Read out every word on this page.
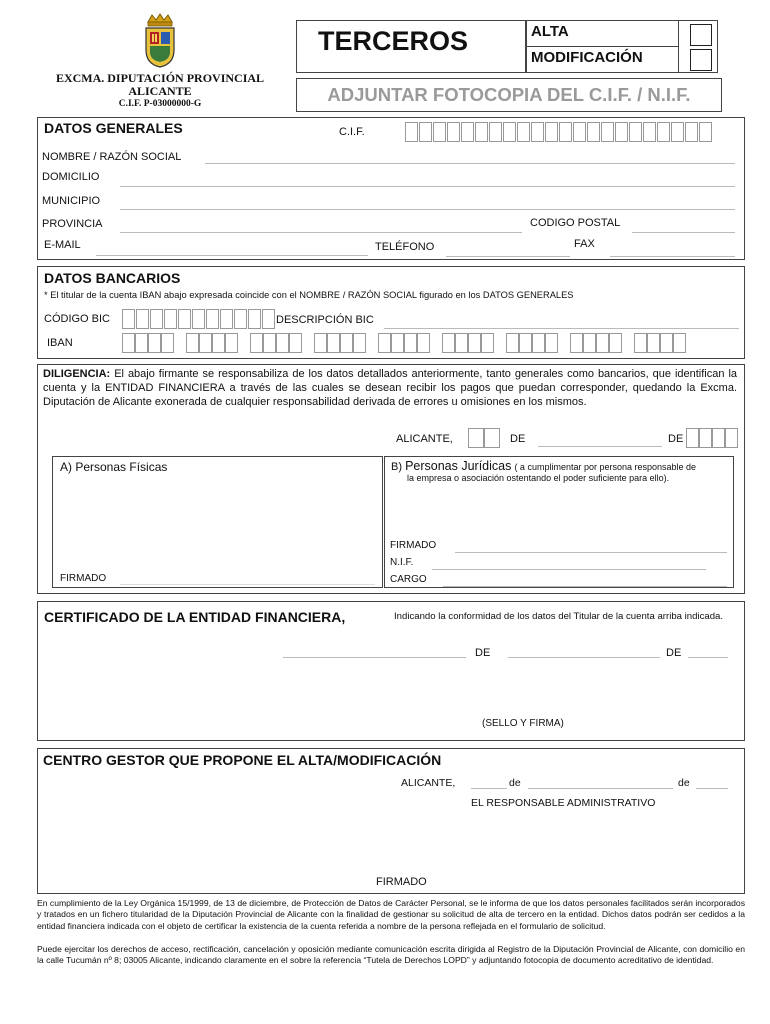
EXCMA. DIPUTACIÓN PROVINCIAL
ALICANTE
C.I.F. P-03000000-G
TERCEROS	ALTA
MODIFICACIÓN
ADJUNTAR FOTOCOPIA DEL C.I.F. / N.I.F.
DATOS GENERALES	C.I.F.
NOMBRE / RAZÓN SOCIAL
DOMICILIO
MUNICIPIO
PROVINCIA	CODIGO POSTAL
E-MAIL	TELÉFONO	FAX
DATOS BANCARIOS
* El titular de la cuenta IBAN abajo expresada coincide con el NOMBRE / RAZÓN SOCIAL figurado en los DATOS GENERALES
CÓDIGO BIC	DESCRIPCIÓN BIC
IBAN
DILIGENCIA: El abajo firmante se responsabiliza de los datos detallados anteriormente, tanto generales como bancarios, que identifican la cuenta y la ENTIDAD FINANCIERA a través de las cuales se desean recibir los pagos que puedan corresponder, quedando la Excma. Diputación de Alicante exonerada de cualquier responsabilidad derivada de errores u omisiones en los mismos.
ALICANTE,	DE	DE
A) Personas Físicas
FIRMADO
B) Personas Jurídicas ( a cumplimentar por persona responsable de
la empresa o asociación ostentando el poder suficiente para ello).
FIRMADO
N.I.F.
CARGO
CERTIFICADO DE LA ENTIDAD FINANCIERA,	Indicando la conformidad de los datos del Titular de la cuenta arriba indicada.
DE	DE
(SELLO Y FIRMA)
CENTRO GESTOR QUE PROPONE EL ALTA/MODIFICACIÓN
ALICANTE,	de	de
EL RESPONSABLE ADMINISTRATIVO
FIRMADO
En cumplimiento de la Ley Orgánica 15/1999, de 13 de diciembre, de Protección de Datos de Carácter Personal, se le informa de que los datos personales facilitados serán incorporados y tratados en un fichero titularidad de la Diputación Provincial de Alicante con la finalidad de gestionar su solicitud de alta de tercero en la entidad. Dichos datos podrán ser cedidos a la entidad financiera indicada con el objeto de certificar la existencia de la cuenta referida a nombre de la persona reflejada en el formulario de solicitud.
Puede ejercitar los derechos de acceso, rectificación, cancelación y oposición mediante comunicación escrita dirigida al Registro de la Diputación Provincial de Alicante, con domicilio en la calle Tucumán nº 8; 03005 Alicante, indicando claramente en el sobre la referencia “Tutela de Derechos LOPD” y adjuntando fotocopia de documento acreditativo de identidad.
